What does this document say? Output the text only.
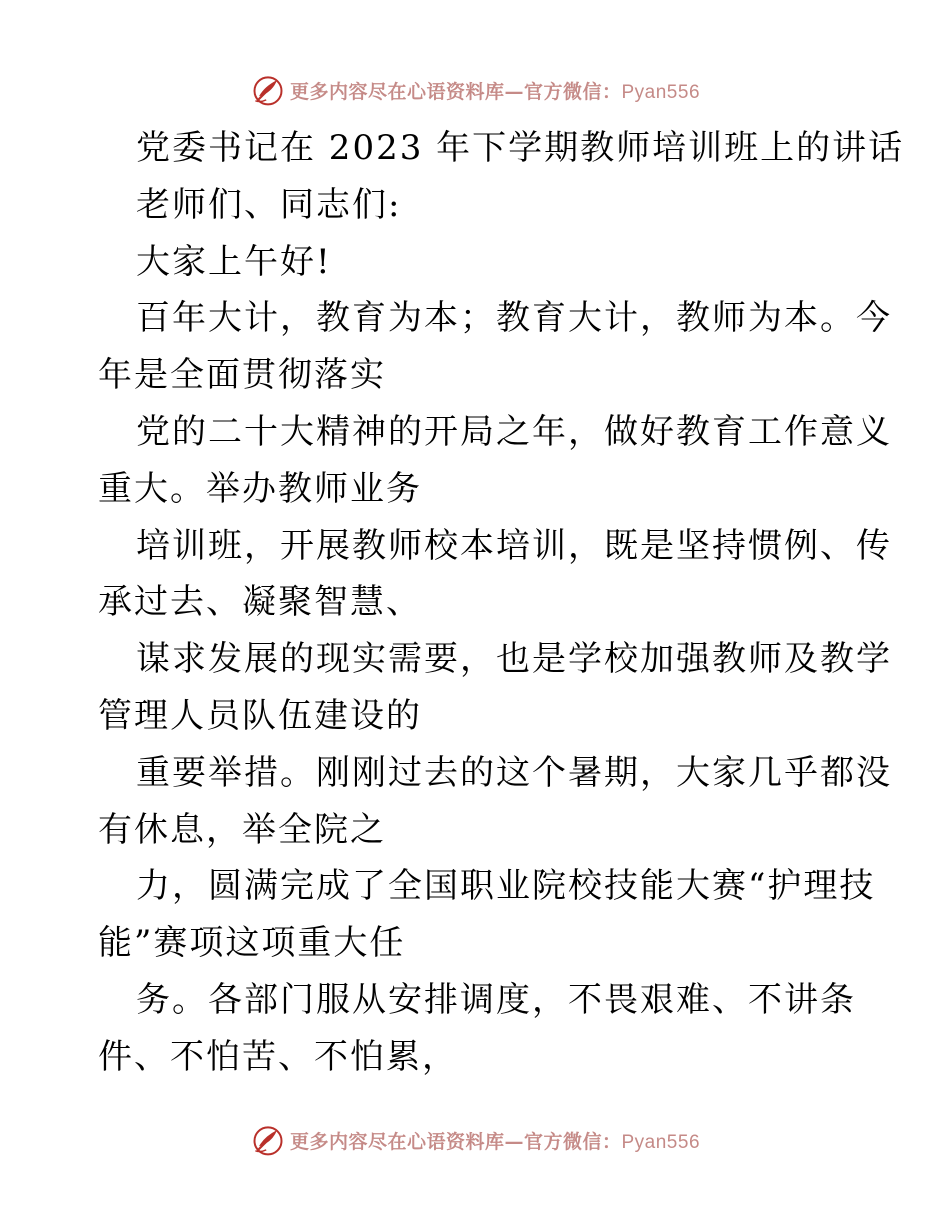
更多内容尽在心语资料库—官方微信：Pyan556
党委书记在 2023 年下学期教师培训班上的讲话
老师们、同志们:
大家上午好!
百年大计，教育为本；教育大计，教师为本。今
年是全面贯彻落实
党的二十大精神的开局之年，做好教育工作意义
重大。举办教师业务
培训班，开展教师校本培训，既是坚持惯例、传
承过去、凝聚智慧、
谋求发展的现实需要，也是学校加强教师及教学
管理人员队伍建设的
重要举措。刚刚过去的这个暑期，大家几乎都没
有休息，举全院之
力，圆满完成了全国职业院校技能大赛“护理技
能”赛项这项重大任
务。各部门服从安排调度，不畏艰难、不讲条
件、不怕苦、不怕累，
更多内容尽在心语资料库—官方微信：Pyan556
